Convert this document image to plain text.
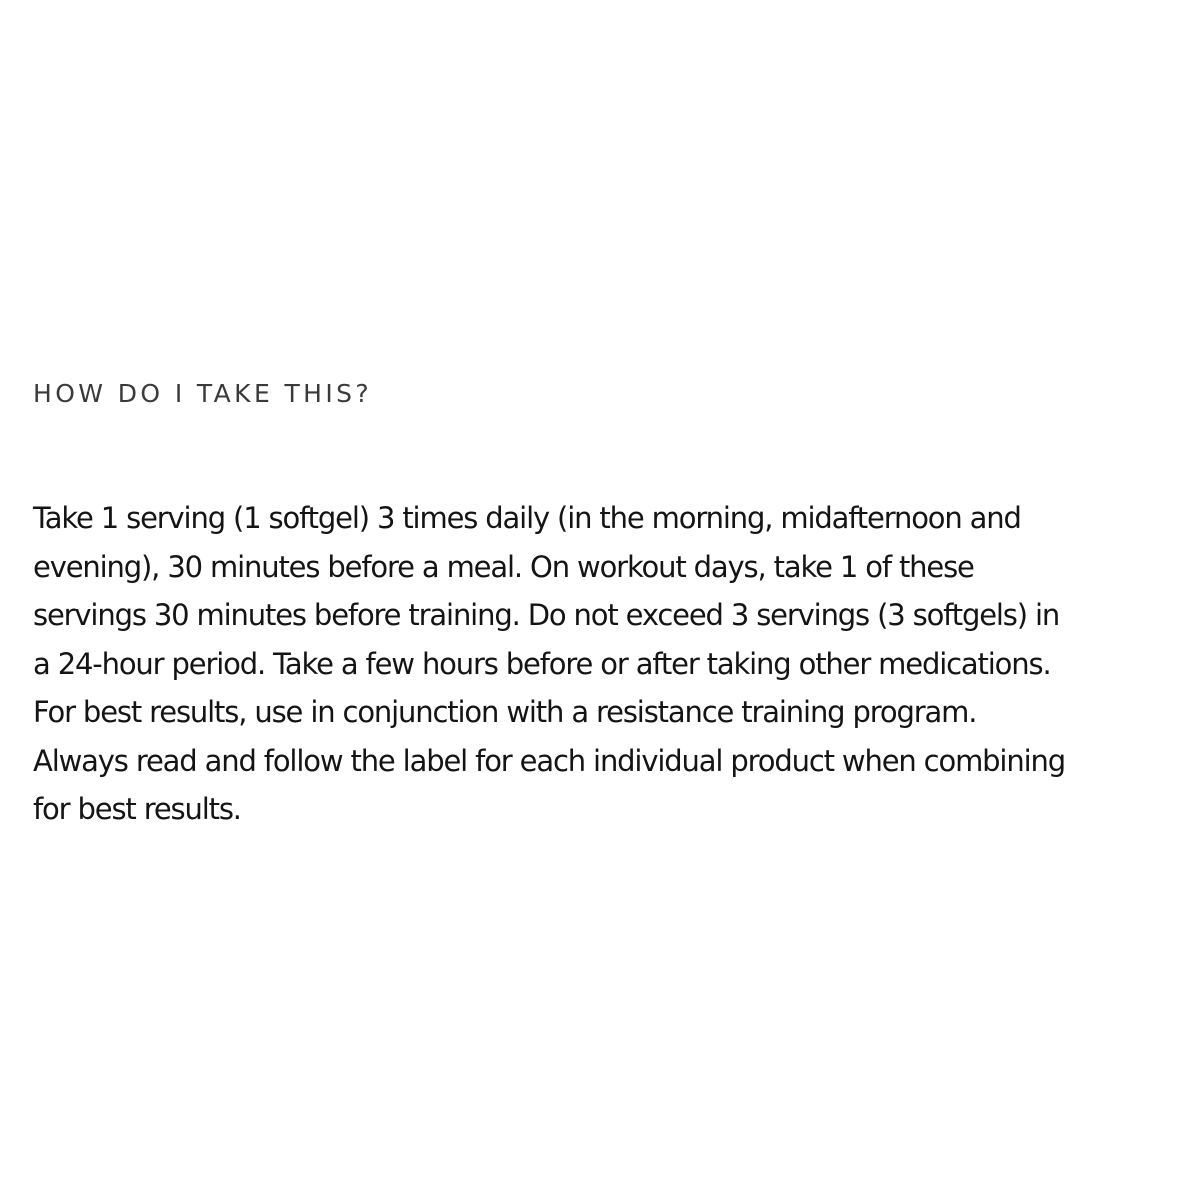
HOW DO I TAKE THIS?

Take 1 serving (1 softgel) 3 times daily (in the morning, midafternoon and
evening), 30 minutes before a meal. On workout days, take 1 of these
servings 30 minutes before training. Do not exceed 3 servings (3 softgels) in
a 24-hour period. Take a few hours before or after taking other medications.
For best results, use in conjunction with a resistance training program.
Always read and follow the label for each individual product when combining
for best results.
